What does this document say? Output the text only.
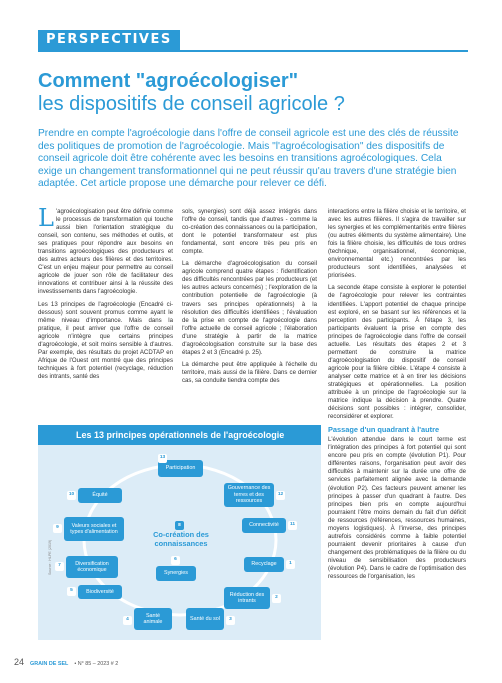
PERSPECTIVES
Comment "agroécologiser"
les dispositifs de conseil agricole ?
Prendre en compte l'agroécologie dans l'offre de conseil agricole est une des clés de réussite des politiques de promotion de l'agroécologie. Mais "l'agroécologisation" des dispositifs de conseil agricole doit être cohérente avec les besoins en transitions agroécologiques. Cela exige un changement transformationnel qui ne peut réussir qu'au travers d'une stratégie bien adaptée. Cet article propose une démarche pour relever ce défi.

L 'agroécologisation peut être définie comme le processus de transformation qui touche aussi bien l'orientation stratégique du conseil, son contenu, ses méthodes et outils, et ses pratiques pour répondre aux besoins en transitions agroécologiques des producteurs et des autres acteurs des filières et des territoires. C'est un enjeu majeur pour permettre au conseil agricole de jouer son rôle de facilitateur des innovations et contribuer ainsi à la réussite des investissements dans l'agroécologie.

Les 13 principes de l'agroécologie (Encadré ci-dessous) sont souvent promus comme ayant le même niveau d'importance. Mais dans la pratique, il peut arriver que l'offre de conseil agricole n'intègre que certains principes d'agroécologie, et soit moins sensible à d'autres. Par exemple, des résultats du projet ACDTAP en Afrique de l'Ouest ont montré que des principes techniques à fort potentiel (recyclage, réduction des intrants, santé des

sols, synergies) sont déjà assez intégrés dans l'offre de conseil, tandis que d'autres - comme la co-création des connaissances ou la participation, dont le potentiel transformateur est plus fondamental, sont encore très peu pris en compte.

La démarche d'agroécologisation du conseil agricole comprend quatre étapes : l'identification des difficultés rencontrées par les producteurs (et les autres acteurs concernés) ; l'exploration de la contribution potentielle de l'agroécologie (à travers ses principes opérationnels) à la résolution des difficultés identifiées ; l'évaluation de la prise en compte de l'agroécologie dans l'offre actuelle de conseil agricole ; l'élaboration d'une stratégie à partir de la matrice d'agroécologisation construite sur la base des étapes 2 et 3 (Encadré p. 25).

La démarche peut être appliquée à l'échelle du territoire, mais aussi de la filière. Dans ce dernier cas, sa conduite tiendra compte des

interactions entre la filière choisie et le territoire, et avec les autres filières. Il s'agira de travailler sur les synergies et les complémentarités entre filières (ou autres éléments du système alimentaire). Une fois la filière choisie, les difficultés de tous ordres (technique, organisationnel, économique, environnemental etc.) rencontrées par les producteurs sont identifiées, analysées et priorisées.

La seconde étape consiste à explorer le potentiel de l'agroécologie pour relever les contraintes identifiées. L'apport potentiel de chaque principe est exploré, en se basant sur les références et la perception des participants. À l'étape 3, les participants évaluent la prise en compte des principes de l'agroécologie dans l'offre de conseil actuelle. Les résultats des étapes 2 et 3 permettent de construire la matrice d'agroécologisation du dispositif de conseil agricole pour la filière ciblée. L'étape 4 consiste à analyser cette matrice et à en tirer les décisions stratégiques et opérationnelles. La position attribuée à un principe de l'agroécologie sur la matrice indique la décision à prendre. Quatre décisions sont possibles : intégrer, consolider, reconsidérer et explorer.

Passage d'un quadrant à l'autre

L'évolution attendue dans le court terme est l'intégration des principes à fort potentiel qui sont encore peu pris en compte (évolution P1). Pour différentes raisons, l'organisation peut avoir des difficultés à maintenir sur la durée une offre de services parfaitement alignée avec la demande (évolution P2). Ces facteurs peuvent amener les principes à passer d'un quadrant à l'autre. Des principes bien pris en compte aujourd'hui pourraient l'être moins demain du fait d'un déficit de ressources (références, ressources humaines, moyens logistiques). À l'inverse, des principes autrefois considérés comme à faible potentiel pourraient devenir prioritaires à cause d'un changement des problématiques de la filière ou du niveau de sensibilisation des producteurs (évolution P4). Dans le cadre de l'optimisation des ressources de l'organisation, les

Les 13 principes opérationnels de l'agroécologie
Source : HLPE (2019)
8
Co-création des connaissances
Participation
13
Gouvernance des terres et des ressources
12
Connectivité	11
Recyclage	1
Réduction des intrants
2
Santé du sol	3
Santé animale
4
Biodiversité
5
Diversification économique
7
Valeurs sociales et types d'alimentation
9
Équité
10
Synergies
6
24 GRAIN DE SEL • N° 85 – 2023 # 2
